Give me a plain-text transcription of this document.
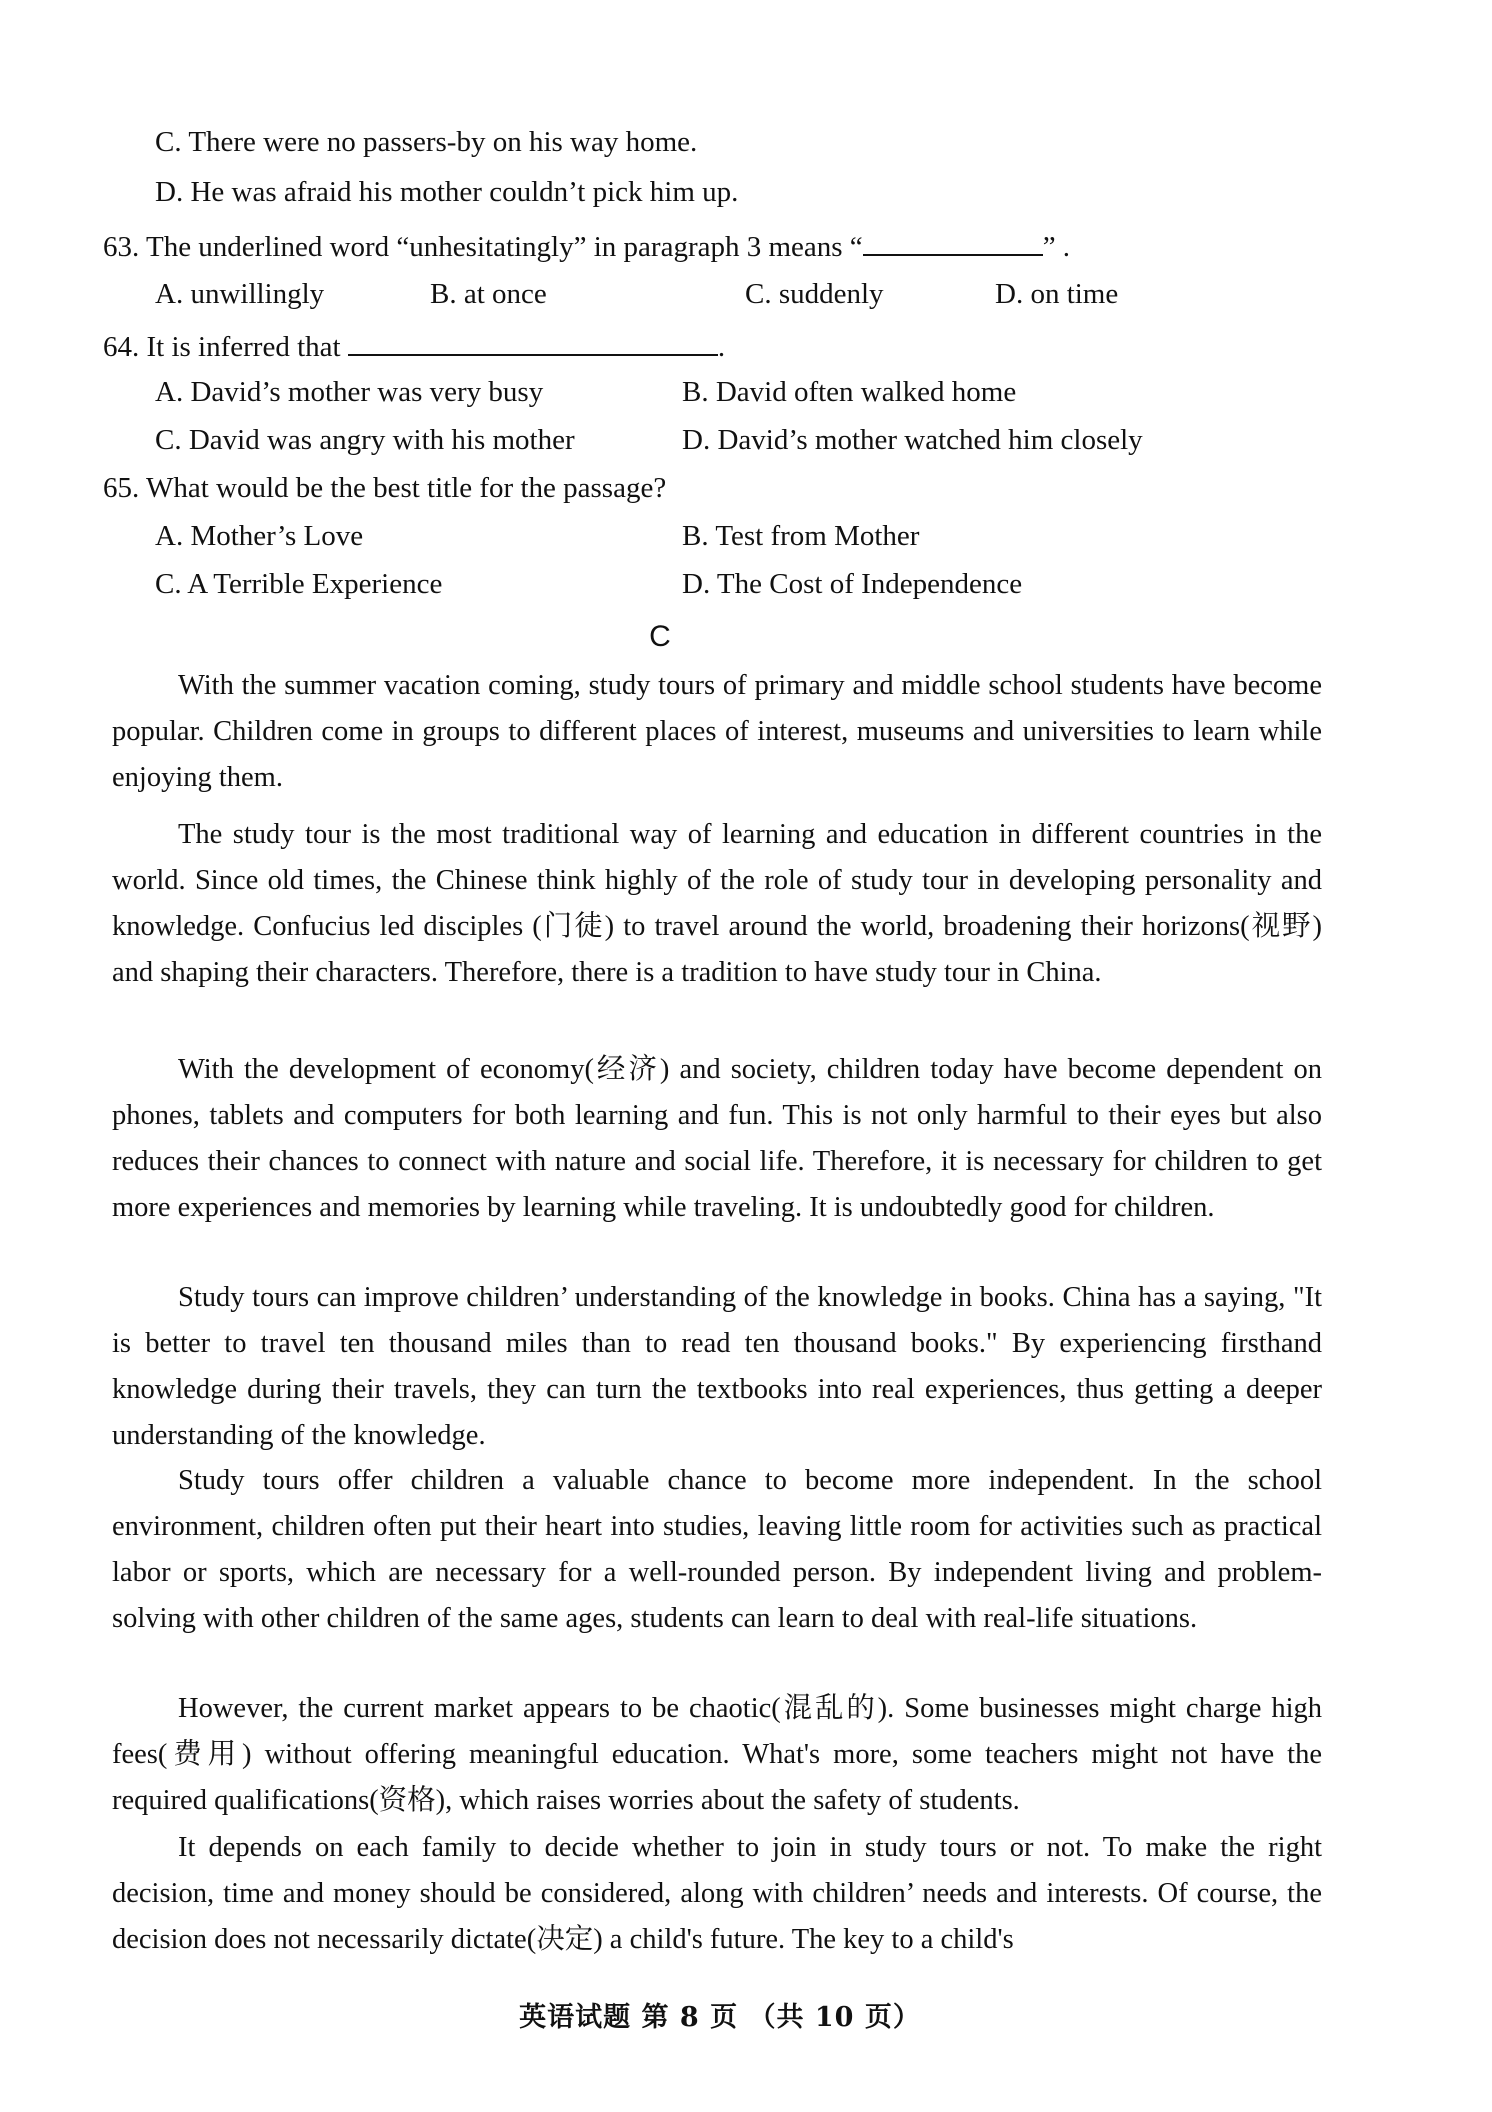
C. There were no passers-by on his way home.
D. He was afraid his mother couldn’t pick him up.
63. The underlined word “unhesitatingly” in paragraph 3 means “	” .
A. unwillingly	B. at once	C. suddenly	D. on time
64. It is inferred that	.
A. David’s mother was very busy	B. David often walked home
C. David was angry with his mother	D. David’s mother watched him closely
65. What would be the best title for the passage?
A. Mother’s Love	B. Test from Mother
C. A Terrible Experience	D. The Cost of Independence
C
With the summer vacation coming, study tours of primary and middle school students have become popular. Children come in groups to different places of interest, museums and universities to learn while enjoying them.
The study tour is the most traditional way of learning and education in different countries in the world. Since old times, the Chinese think highly of the role of study tour in developing personality and knowledge. Confucius led disciples (门徒) to travel around the world, broadening their horizons(视野) and shaping their characters. Therefore, there is a tradition to have study tour in China.
With the development of economy(经济) and society, children today have become dependent on phones, tablets and computers for both learning and fun. This is not only harmful to their eyes but also reduces their chances to connect with nature and social life. Therefore, it is necessary for children to get more experiences and memories by learning while traveling. It is undoubtedly good for children.
Study tours can improve children’ understanding of the knowledge in books. China has a saying, "It is better to travel ten thousand miles than to read ten thousand books." By experiencing firsthand knowledge during their travels, they can turn the textbooks into real experiences, thus getting a deeper understanding of the knowledge.
Study tours offer children a valuable chance to become more independent. In the school environment, children often put their heart into studies, leaving little room for activities such as practical labor or sports, which are necessary for a well-rounded person. By independent living and problem-solving with other children of the same ages, students can learn to deal with real-life situations.
However, the current market appears to be chaotic(混乱的). Some businesses might charge high fees(费用) without offering meaningful education. What's more, some teachers might not have the required qualifications(资格), which raises worries about the safety of students.
It depends on each family to decide whether to join in study tours or not. To make the right decision, time and money should be considered, along with children’ needs and interests. Of course, the decision does not necessarily dictate(决定) a child's future. The key to a child's
英语试题 第 8 页 （共 10 页）
